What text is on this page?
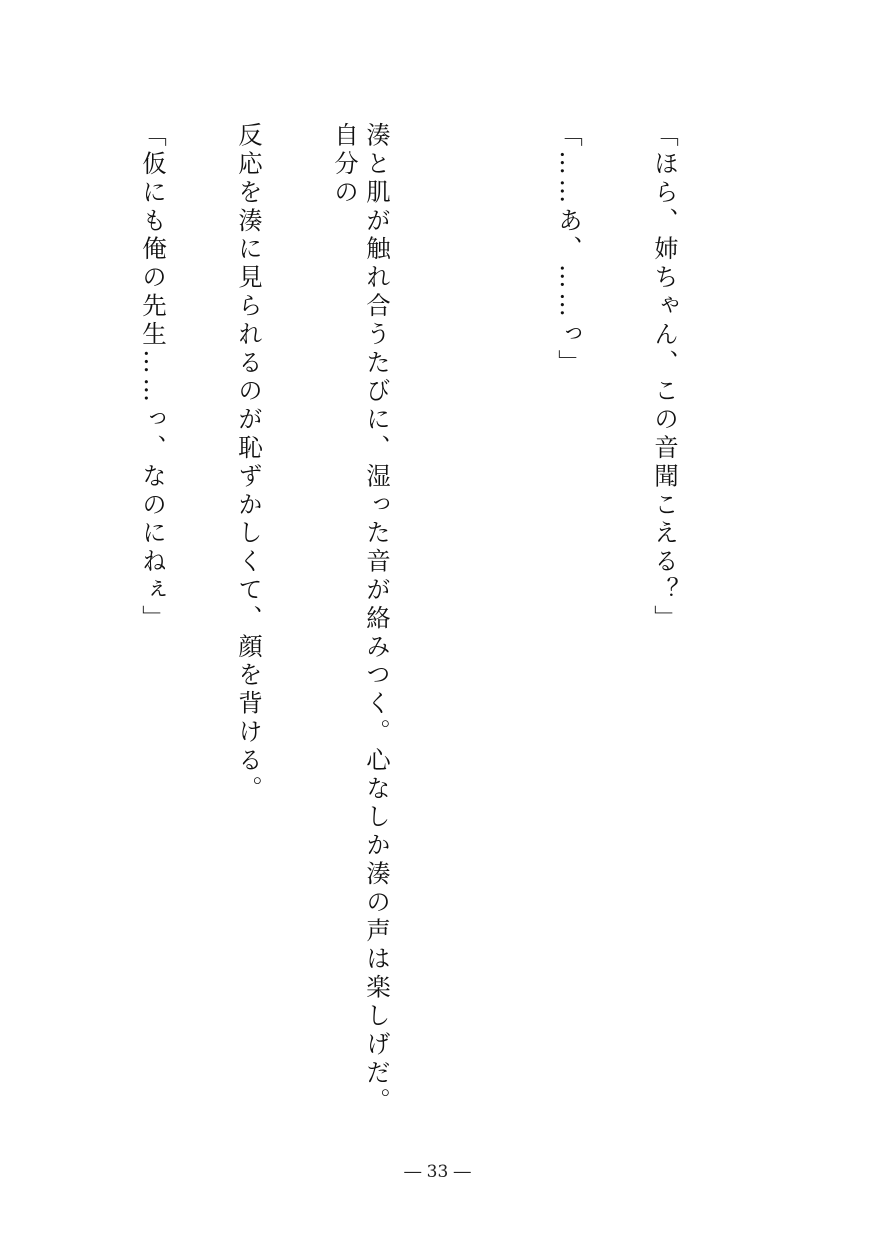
「ほら、姉ちゃん、この音聞こえる？」

「……あ、……っ」

湊と肌が触れ合うたびに、湿った音が絡みつく。心なしか湊の声は楽しげだ。自分の

反応を湊に見られるのが恥ずかしくて、顔を背ける。

「仮にも俺の先生……っ、なのにねぇ」

― 33 ―
